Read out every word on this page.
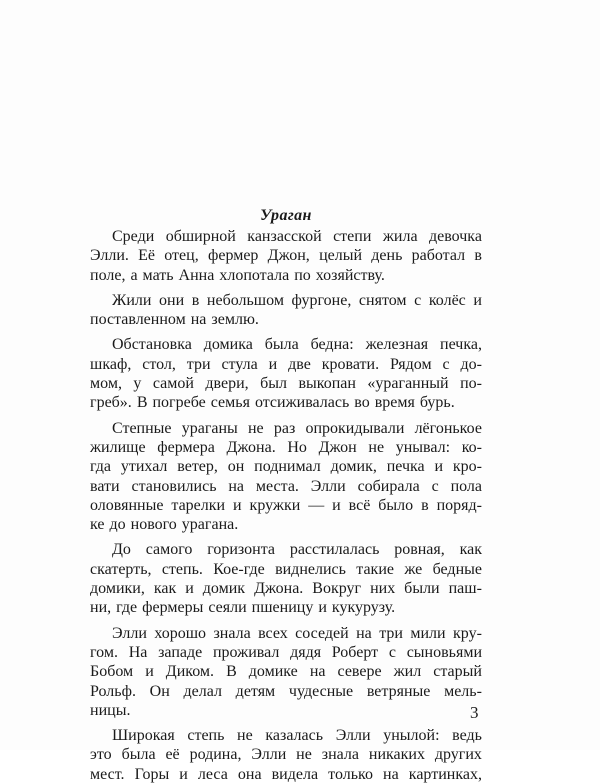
Ураган
Среди обширной канзасской степи жила девочка
Элли. Её отец, фермер Джон, целый день работал в
поле, а мать Анна хлопотала по хозяйству.
Жили они в небольшом фургоне, снятом с колёс и
поставленном на землю.
Обстановка домика была бедна: железная печка,
шкаф, стол, три стула и две кровати. Рядом с до-
мом, у самой двери, был выкопан «ураганный по-
греб». В погребе семья отсиживалась во время бурь.
Степные ураганы не раз опрокидывали лёгонькое
жилище фермера Джона. Но Джон не унывал: ко-
гда утихал ветер, он поднимал домик, печка и кро-
вати становились на места. Элли собирала с пола
оловянные тарелки и кружки — и всё было в поряд-
ке до нового урагана.
До самого горизонта расстилалась ровная, как
скатерть, степь. Кое-где виднелись такие же бедные
домики, как и домик Джона. Вокруг них были паш-
ни, где фермеры сеяли пшеницу и кукурузу.
Элли хорошо знала всех соседей на три мили кру-
гом. На западе проживал дядя Роберт с сыновьями
Бобом и Диком. В домике на севере жил старый
Рольф. Он делал детям чудесные ветряные мель-
ницы.
Широкая степь не казалась Элли унылой: ведь
это была её родина, Элли не знала никаких других
мест. Горы и леса она видела только на картинках,
3
